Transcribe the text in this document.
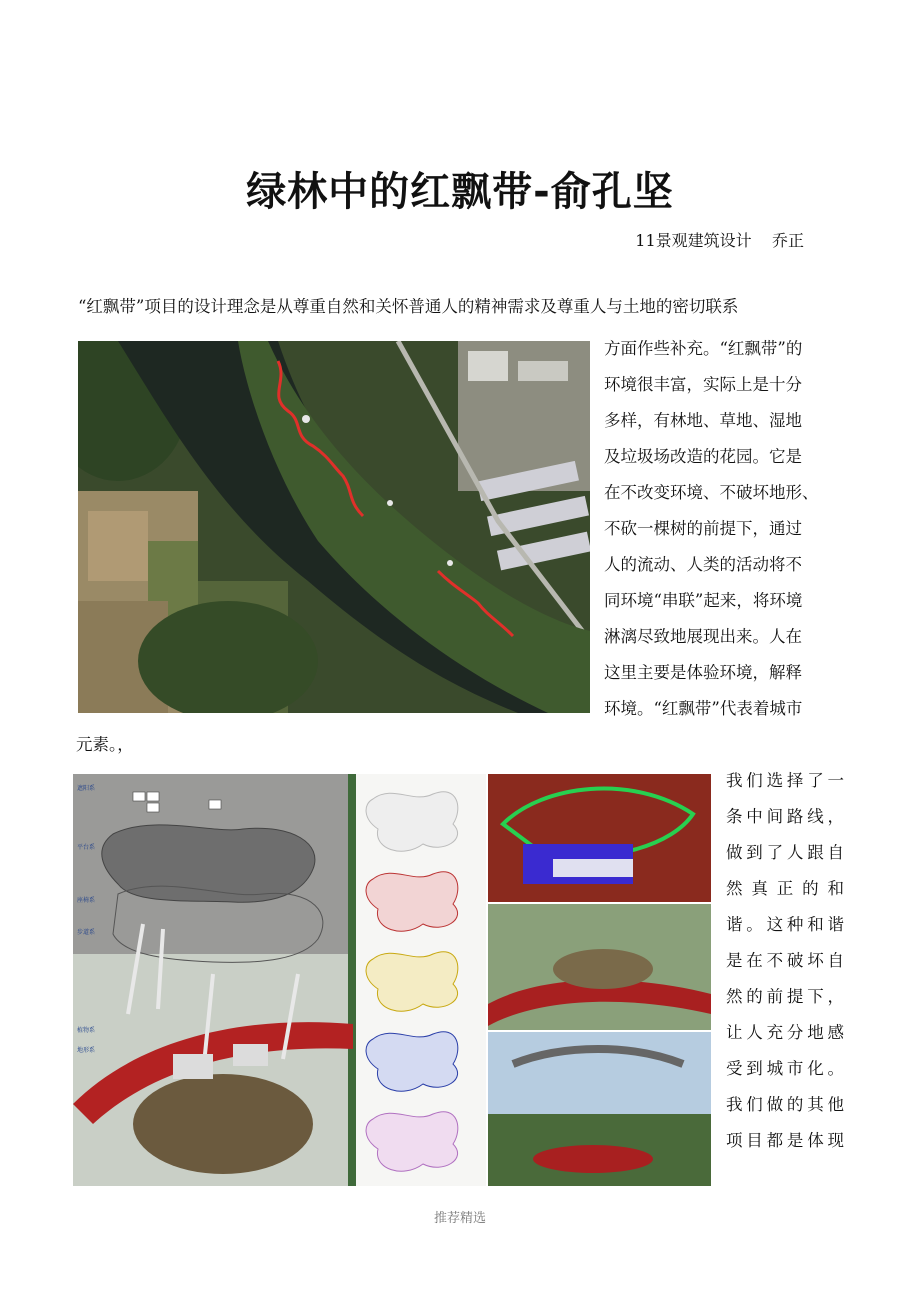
绿林中的红飘带-俞孔坚
11景观建筑设计    乔正
“红飘带”项目的设计理念是从尊重自然和关怀普通人的精神需求及尊重人与土地的密切联系
方面作些补充。“红飘带”的
环境很丰富，实际上是十分
多样，有林地、草地、湿地
及垃圾场改造的花园。它是
在不改变环境、不破坏地形、
不砍一棵树的前提下，通过
人的流动、人类的活动将不
同环境“串联”起来，将环境
淋漓尽致地展现出来。人在
这里主要是体验环境，解释
环境。“红飘带”代表着城市
元素。，
遮阳系
平台系
座椅系
步道系
植物系
地形系
我们选择了一
条中间路线，
做到了人跟自
然真正的和
谐。这种和谐
是在不破坏自
然的前提下，
让人充分地感
受到城市化。
我们做的其他
项目都是体现
推荐精选
